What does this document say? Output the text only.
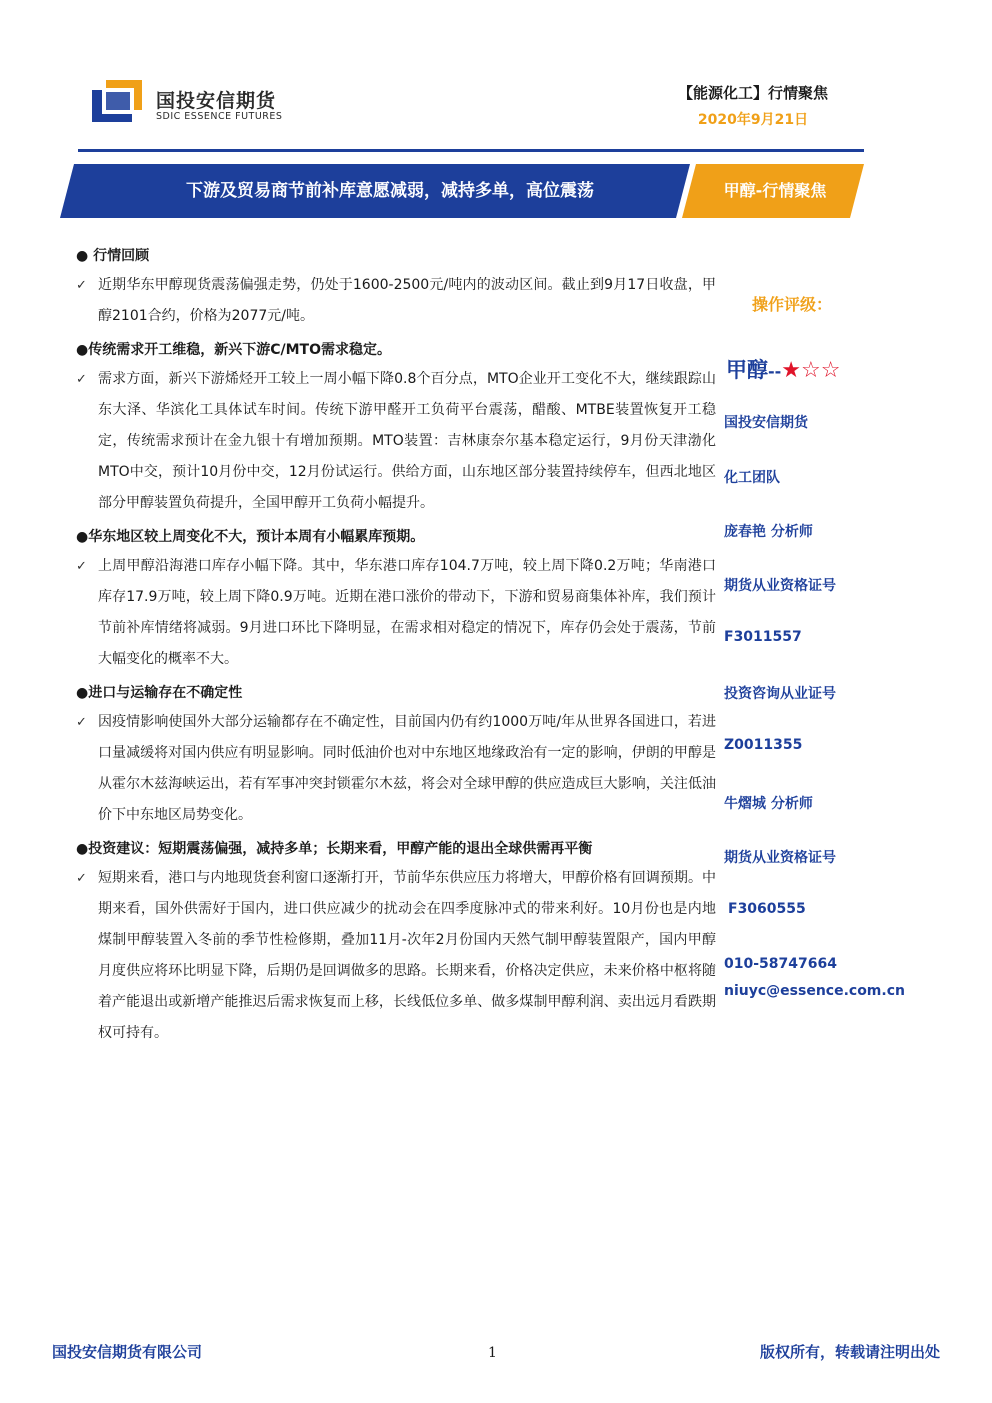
国投安信期货
SDIC ESSENCE FUTURES
【能源化工】行情聚焦
2020年9月21日
下游及贸易商节前补库意愿减弱，减持多单，高位震荡	甲醇-行情聚焦
● 行情回顾
✓ 近期华东甲醇现货震荡偏强走势，仍处于1600-2500元/吨内的波动区间。截止到9月17日收盘，甲醇2101合约，价格为2077元/吨。
●传统需求开工维稳，新兴下游C/MTO需求稳定。
✓ 需求方面，新兴下游烯烃开工较上一周小幅下降0.8个百分点，MTO企业开工变化不大，继续跟踪山东大泽、华滨化工具体试车时间。传统下游甲醛开工负荷平台震荡，醋酸、MTBE装置恢复开工稳定，传统需求预计在金九银十有增加预期。MTO装置：吉林康奈尔基本稳定运行，9月份天津渤化MTO中交，预计10月份中交，12月份试运行。供给方面，山东地区部分装置持续停车，但西北地区部分甲醇装置负荷提升，全国甲醇开工负荷小幅提升。
●华东地区较上周变化不大，预计本周有小幅累库预期。
✓ 上周甲醇沿海港口库存小幅下降。其中，华东港口库存104.7万吨，较上周下降0.2万吨；华南港口库存17.9万吨，较上周下降0.9万吨。近期在港口涨价的带动下，下游和贸易商集体补库，我们预计节前补库情绪将减弱。9月进口环比下降明显，在需求相对稳定的情况下，库存仍会处于震荡，节前大幅变化的概率不大。
●进口与运输存在不确定性
✓ 因疫情影响使国外大部分运输都存在不确定性，目前国内仍有约1000万吨/年从世界各国进口，若进口量减缓将对国内供应有明显影响。同时低油价也对中东地区地缘政治有一定的影响，伊朗的甲醇是从霍尔木兹海峡运出，若有军事冲突封锁霍尔木兹，将会对全球甲醇的供应造成巨大影响，关注低油价下中东地区局势变化。
●投资建议：短期震荡偏强，减持多单；长期来看，甲醇产能的退出全球供需再平衡
✓ 短期来看，港口与内地现货套利窗口逐渐打开，节前华东供应压力将增大，甲醇价格有回调预期。中期来看，国外供需好于国内，进口供应减少的扰动会在四季度脉冲式的带来利好。10月份也是内地煤制甲醇装置入冬前的季节性检修期，叠加11月-次年2月份国内天然气制甲醇装置限产，国内甲醇月度供应将环比明显下降，后期仍是回调做多的思路。长期来看，价格决定供应，未来价格中枢将随着产能退出或新增产能推迟后需求恢复而上移，长线低位多单、做多煤制甲醇利润、卖出远月看跌期权可持有。
操作评级：
甲醇--★☆☆
国投安信期货
化工团队
庞春艳 分析师
期货从业资格证号
F3011557
投资咨询从业证号
Z0011355
牛熠城 分析师
期货从业资格证号
F3060555
010-58747664
niuyc@essence.com.cn
国投安信期货有限公司	1	版权所有，转载请注明出处
